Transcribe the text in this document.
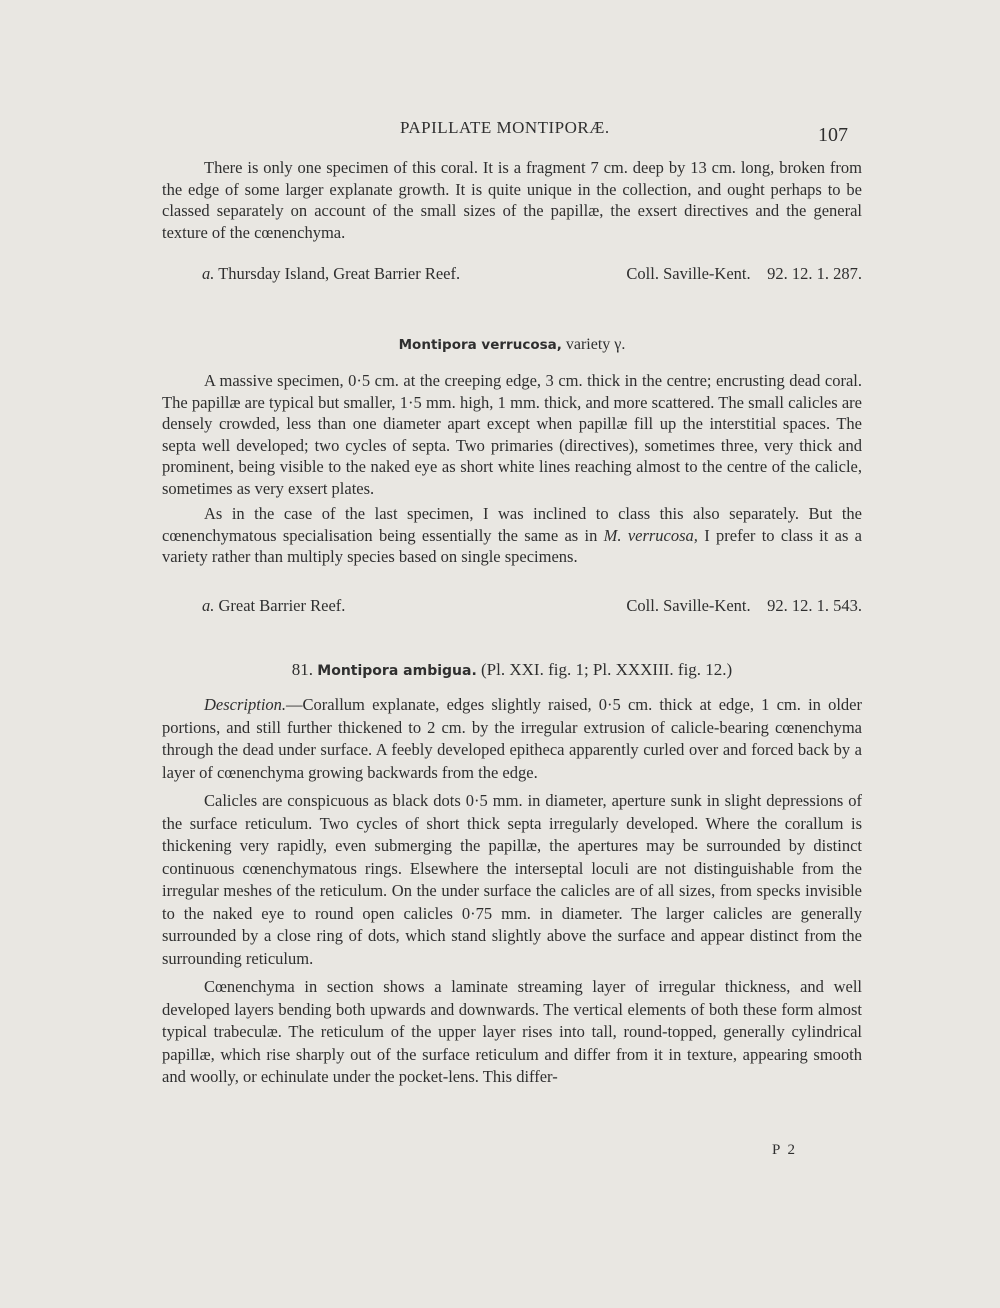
PAPILLATE MONTIPORÆ.	107

There is only one specimen of this coral. It is a fragment 7 cm. deep by 13 cm. long, broken from the edge of some larger explanate growth. It is quite unique in the collection, and ought perhaps to be classed separately on account of the small sizes of the papillæ, the exsert directives and the general texture of the cœnenchyma.

a. Thursday Island, Great Barrier Reef.	Coll. Saville-Kent. 92. 12. 1. 287.
Montipora verrucosa, variety γ.

A massive specimen, 0·5 cm. at the creeping edge, 3 cm. thick in the centre; encrusting dead coral. The papillæ are typical but smaller, 1·5 mm. high, 1 mm. thick, and more scattered. The small calicles are densely crowded, less than one diameter apart except when papillæ fill up the interstitial spaces. The septa well developed; two cycles of septa. Two primaries (directives), sometimes three, very thick and prominent, being visible to the naked eye as short white lines reaching almost to the centre of the calicle, sometimes as very exsert plates.

As in the case of the last specimen, I was inclined to class this also separately. But the cœnenchymatous specialisation being essentially the same as in M. verrucosa, I prefer to class it as a variety rather than multiply species based on single specimens.

a. Great Barrier Reef.	Coll. Saville-Kent. 92. 12. 1. 543.
81. Montipora ambigua. (Pl. XXI. fig. 1; Pl. XXXIII. fig. 12.)

Description.—Corallum explanate, edges slightly raised, 0·5 cm. thick at edge, 1 cm. in older portions, and still further thickened to 2 cm. by the irregular extrusion of calicle-bearing cœnenchyma through the dead under surface. A feebly developed epitheca apparently curled over and forced back by a layer of cœnenchyma growing backwards from the edge.

Calicles are conspicuous as black dots 0·5 mm. in diameter, aperture sunk in slight depressions of the surface reticulum. Two cycles of short thick septa irregularly developed. Where the corallum is thickening very rapidly, even submerging the papillæ, the apertures may be surrounded by distinct continuous cœnenchymatous rings. Elsewhere the interseptal loculi are not distinguishable from the irregular meshes of the reticulum. On the under surface the calicles are of all sizes, from specks invisible to the naked eye to round open calicles 0·75 mm. in diameter. The larger calicles are generally surrounded by a close ring of dots, which stand slightly above the surface and appear distinct from the surrounding reticulum.

Cœnenchyma in section shows a laminate streaming layer of irregular thickness, and well developed layers bending both upwards and downwards. The vertical elements of both these form almost typical trabeculæ. The reticulum of the upper layer rises into tall, round-topped, generally cylindrical papillæ, which rise sharply out of the surface reticulum and differ from it in texture, appearing smooth and woolly, or echinulate under the pocket-lens. This differ-

P 2
